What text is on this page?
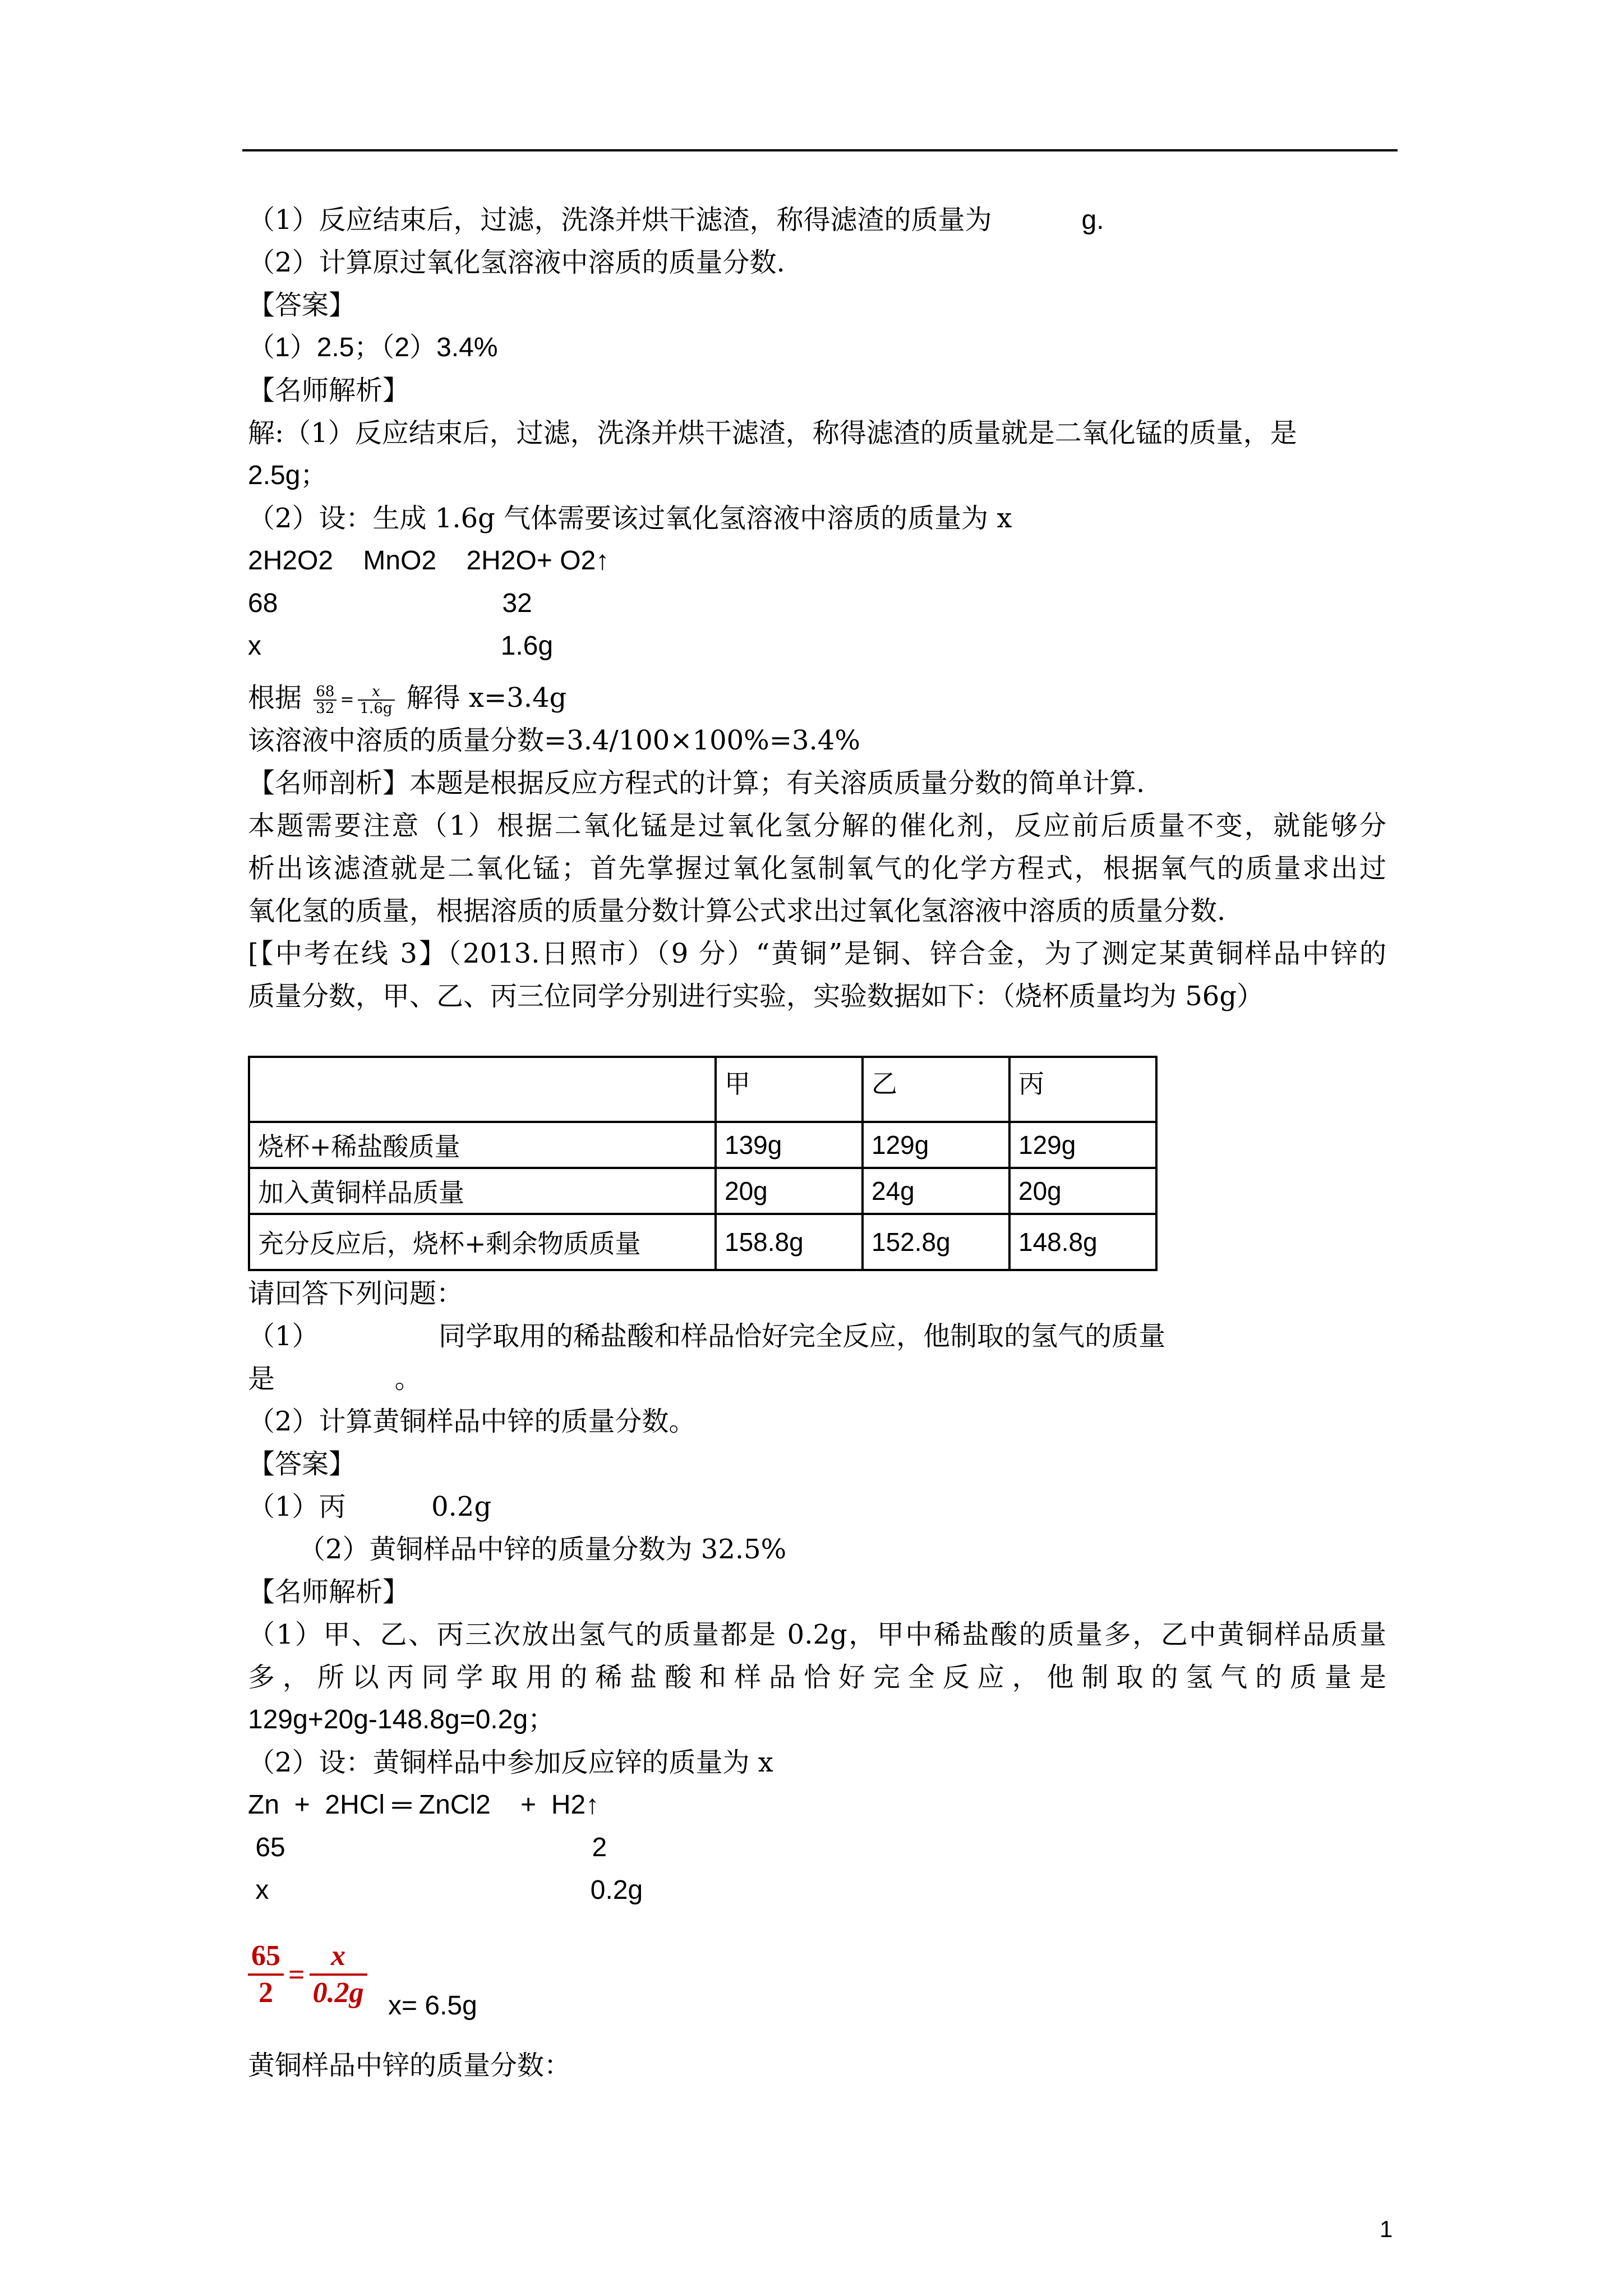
（1）反应结束后，过滤，洗涤并烘干滤渣，称得滤渣的质量为	g.
（2）计算原过氧化氢溶液中溶质的质量分数.
【答案】
（1）2.5；（2）3.4%
【名师解析】
解:（1）反应结束后，过滤，洗涤并烘干滤渣，称得滤渣的质量就是二氧化锰的质量，是
2.5g；
（2）设：生成 1.6g 气体需要该过氧化氢溶液中溶质的质量为 x
2H2O2    MnO2    2H2O+ O2↑
68                              32
x                                1.6g
根据 $\frac{68}{32} = \frac{x}{1.6g}$ 解得 x=3.4g
该溶液中溶质的质量分数=3.4/100×100%=3.4%
【名师剖析】本题是根据反应方程式的计算；有关溶质质量分数的简单计算.
本题需要注意（1）根据二氧化锰是过氧化氢分解的催化剂，反应前后质量不变，就能够分
析出该滤渣就是二氧化锰；首先掌握过氧化氢制氧气的化学方程式，根据氧气的质量求出过
氧化氢的质量，根据溶质的质量分数计算公式求出过氧化氢溶液中溶质的质量分数.
[【中考在线 3】（2013.日照市）（9 分）“黄铜”是铜、锌合金，为了测定某黄铜样品中锌的
质量分数，甲、乙、丙三位同学分别进行实验，实验数据如下：（烧杯质量均为 56g）
	甲	乙	丙
烧杯+稀盐酸质量	139g	129g	129g
加入黄铜样品质量	20g	24g	20g
充分反应后，烧杯+剩余物质质量	158.8g	152.8g	148.8g
请回答下列问题：
（1）              同学取用的稀盐酸和样品恰好完全反应，他制取的氢气的质量
是              。
（2）计算黄铜样品中锌的质量分数。
【答案】
（1）丙          0.2g
（2）黄铜样品中锌的质量分数为 32.5%
【名师解析】
（1）甲、乙、丙三次放出氢气的质量都是 0.2g，甲中稀盐酸的质量多，乙中黄铜样品质量
多，所以丙同学取用的稀盐酸和样品恰好完全反应，他制取的氢气的质量是
129g+20g-148.8g=0.2g；
（2）设：黄铜样品中参加反应锌的质量为 x
Zn  +  2HCl ═ ZnCl2    +  H2↑
65                                         2
x                                           0.2g
$\frac{65}{2} = \frac{x}{0.2g} x= 6.5g$
黄铜样品中锌的质量分数：
1
